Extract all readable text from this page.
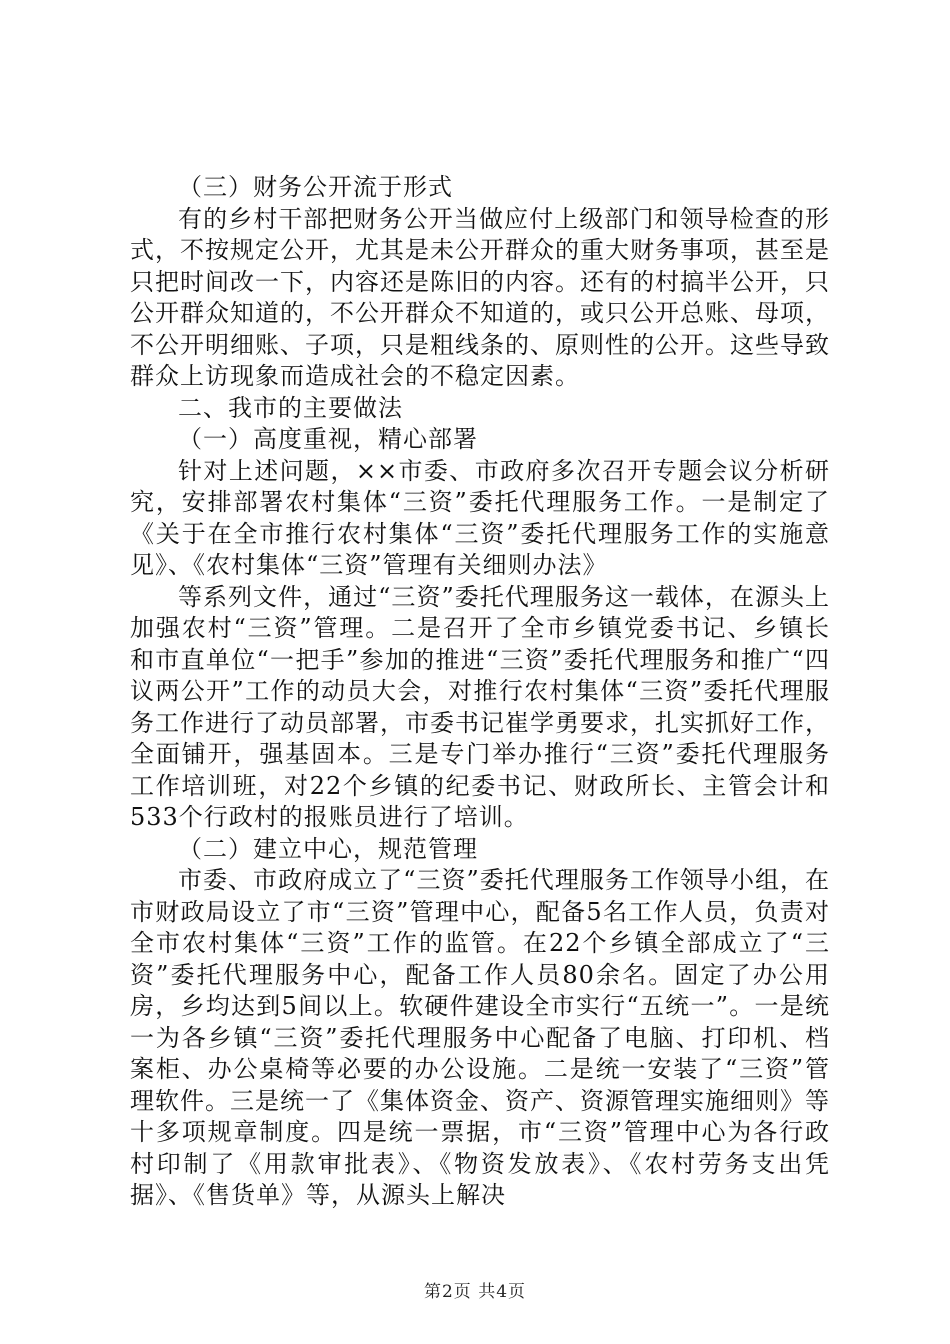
（三）财务公开流于形式

有的乡村干部把财务公开当做应付上级部门和领导检查的形式，不按规定公开，尤其是未公开群众的重大财务事项，甚至是只把时间改一下，内容还是陈旧的内容。还有的村搞半公开，只公开群众知道的，不公开群众不知道的，或只公开总账、母项，不公开明细账、子项，只是粗线条的、原则性的公开。这些导致群众上访现象而造成社会的不稳定因素。

二、我市的主要做法

（一）高度重视，精心部署

针对上述问题，××市委、市政府多次召开专题会议分析研究，安排部署农村集体“三资”委托代理服务工作。一是制定了《关于在全市推行农村集体“三资”委托代理服务工作的实施意见》、《农村集体“三资”管理有关细则办法》

等系列文件，通过“三资”委托代理服务这一载体，在源头上加强农村“三资”管理。二是召开了全市乡镇党委书记、乡镇长和市直单位“一把手”参加的推进“三资”委托代理服务和推广“四议两公开”工作的动员大会，对推行农村集体“三资”委托代理服务工作进行了动员部署，市委书记崔学勇要求，扎实抓好工作，全面铺开，强基固本。三是专门举办推行“三资”委托代理服务工作培训班，对22个乡镇的纪委书记、财政所长、主管会计和533个行政村的报账员进行了培训。

（二）建立中心，规范管理

市委、市政府成立了“三资”委托代理服务工作领导小组，在市财政局设立了市“三资”管理中心，配备5名工作人员，负责对全市农村集体“三资”工作的监管。在22个乡镇全部成立了“三资”委托代理服务中心，配备工作人员80余名。固定了办公用房，乡均达到5间以上。软硬件建设全市实行“五统一”。一是统一为各乡镇“三资”委托代理服务中心配备了电脑、打印机、档案柜、办公桌椅等必要的办公设施。二是统一安装了“三资”管理软件。三是统一了《集体资金、资产、资源管理实施细则》等十多项规章制度。四是统一票据，市“三资”管理中心为各行政村印制了《用款审批表》、《物资发放表》、《农村劳务支出凭据》、《售货单》等，从源头上解决

第2页 共4页
